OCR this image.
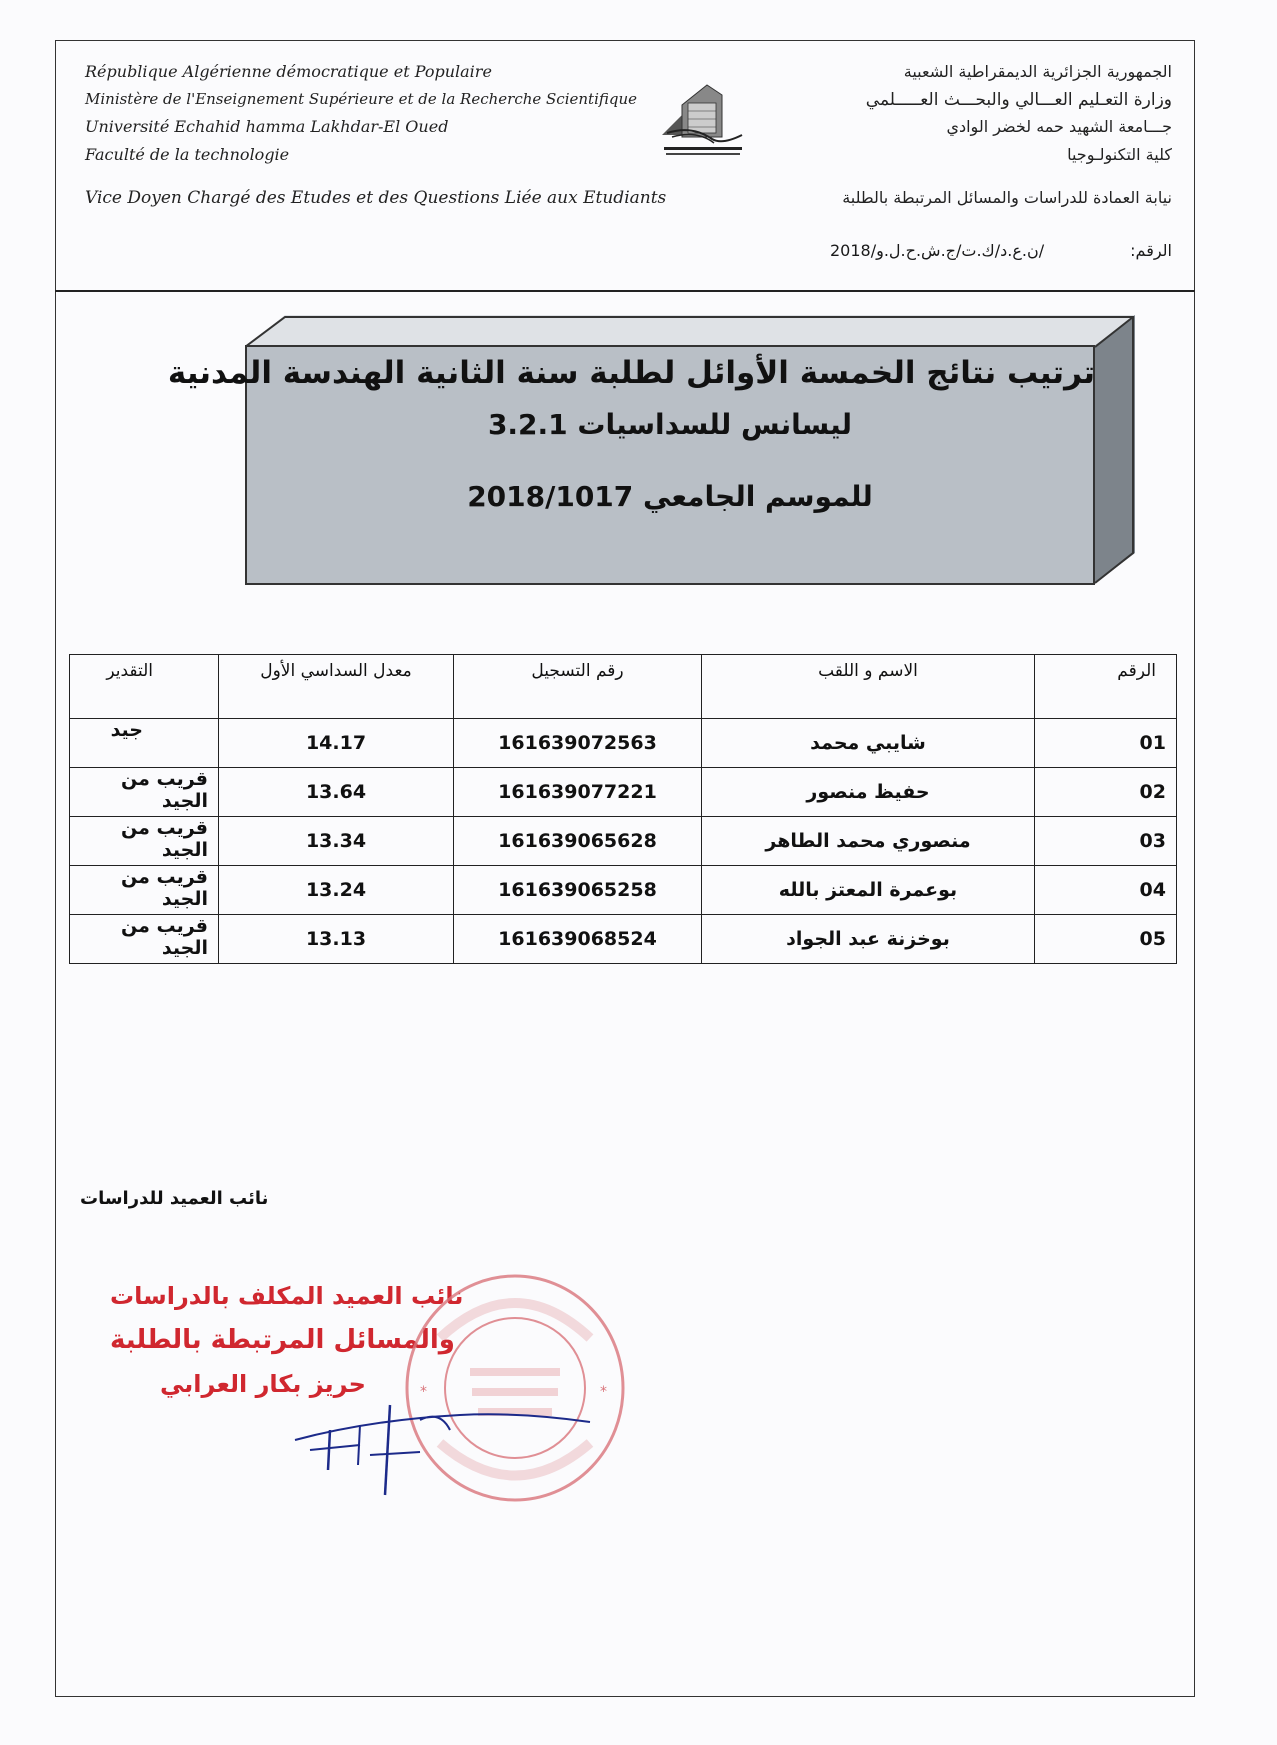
République Algérienne démocratique et Populaire
Ministère de l'Enseignement Supérieure et de la Recherche Scientifique
Université Echahid hamma Lakhdar-El Oued
Faculté de la technologie
Vice Doyen Chargé des Etudes et des Questions Liée aux Etudiants
الجمهورية الجزائرية الديمقراطية الشعبية
وزارة التعـليم العـــالي والبحـــث العـــــلمي
جـــامعة الشهيد حمه لخضر الوادي
كلية التكنولـوجيا
نيابة العمادة للدراسات والمسائل المرتبطة بالطلبة
الرقم:
2018/ن.ع.د/ك.ت/ج.ش.ح.ل.و/
ترتيب نتائج الخمسة الأوائل لطلبة سنة الثانية الهندسة المدنية
ليسانس للسداسيات 3.2.1
للموسم الجامعي 2018/1017
الرقم	الاسم و اللقب	رقم التسجيل	معدل السداسي الأول	التقدير
01	شايبي محمد	161639072563	14.17	جيد
02	حفيظ منصور	161639077221	13.64	قريب من الجيد
03	منصوري محمد الطاهر	161639065628	13.34	قريب من الجيد
04	بوعمرة المعتز بالله	161639065258	13.24	قريب من الجيد
05	بوخزنة عبد الجواد	161639068524	13.13	قريب من الجيد
نائب العميد للدراسات
نائب العميد المكلف بالدراسات
والمسائل المرتبطة بالطلبة
حريز بكار العرابي	*
*
